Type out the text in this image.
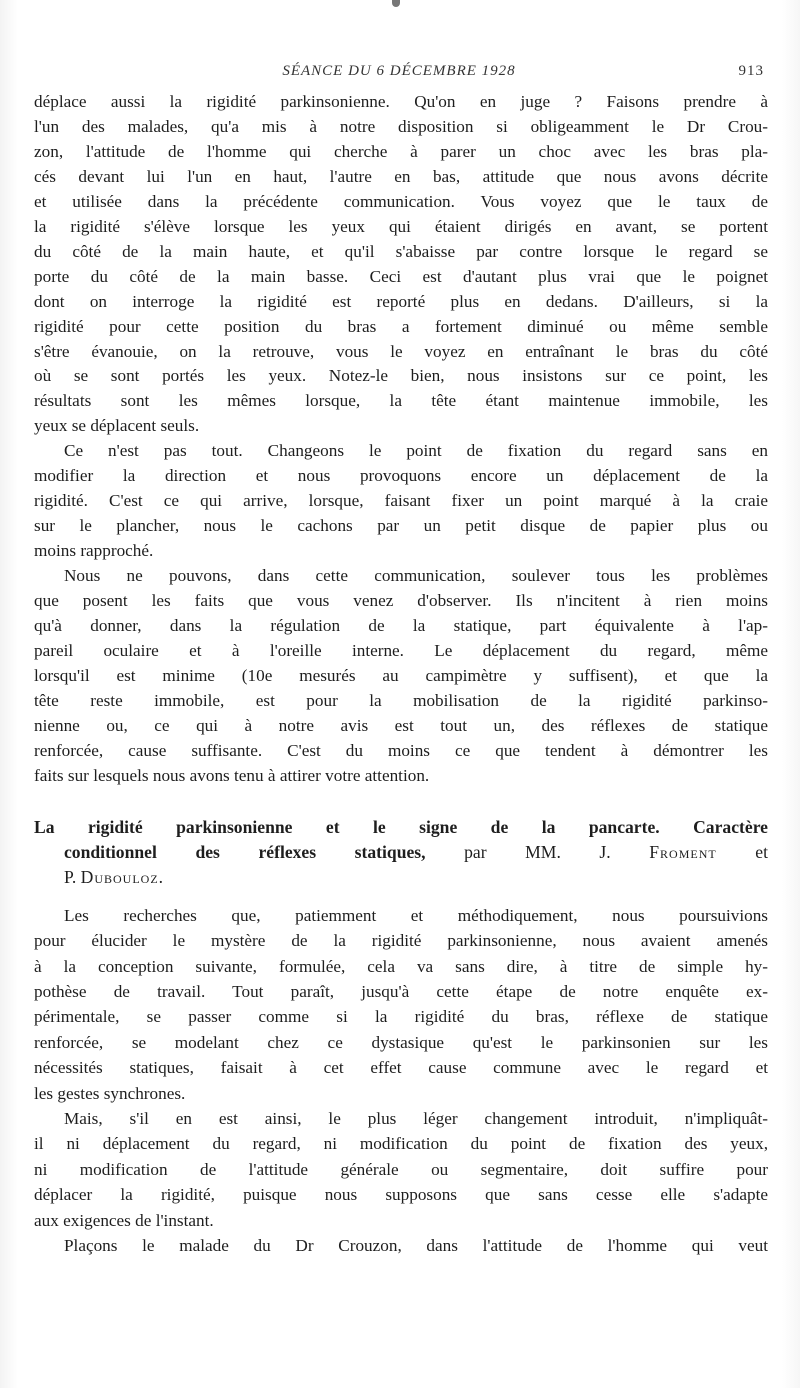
SÉANCE DU 6 DÉCEMBRE 1928	913

déplace aussi la rigidité parkinsonienne. Qu'on en juge ? Faisons prendre à
l'un des malades, qu'a mis à notre disposition si obligeamment le Dr Crou-
zon, l'attitude de l'homme qui cherche à parer un choc avec les bras pla-
cés devant lui l'un en haut, l'autre en bas, attitude que nous avons décrite
et utilisée dans la précédente communication. Vous voyez que le taux de
la rigidité s'élève lorsque les yeux qui étaient dirigés en avant, se portent
du côté de la main haute, et qu'il s'abaisse par contre lorsque le regard se
porte du côté de la main basse. Ceci est d'autant plus vrai que le poignet
dont on interroge la rigidité est reporté plus en dedans. D'ailleurs, si la
rigidité pour cette position du bras a fortement diminué ou même semble
s'être évanouie, on la retrouve, vous le voyez en entraînant le bras du côté
où se sont portés les yeux. Notez-le bien, nous insistons sur ce point, les
résultats sont les mêmes lorsque, la tête étant maintenue immobile, les
yeux se déplacent seuls.

Ce n'est pas tout. Changeons le point de fixation du regard sans en
modifier la direction et nous provoquons encore un déplacement de la
rigidité. C'est ce qui arrive, lorsque, faisant fixer un point marqué à la craie
sur le plancher, nous le cachons par un petit disque de papier plus ou
moins rapproché.

Nous ne pouvons, dans cette communication, soulever tous les problèmes
que posent les faits que vous venez d'observer. Ils n'incitent à rien moins
qu'à donner, dans la régulation de la statique, part équivalente à l'ap-
pareil oculaire et à l'oreille interne. Le déplacement du regard, même
lorsqu'il est minime (10e mesurés au campimètre y suffisent), et que la
tête reste immobile, est pour la mobilisation de la rigidité parkinso-
nienne ou, ce qui à notre avis est tout un, des réflexes de statique
renforcée, cause suffisante. C'est du moins ce que tendent à démontrer les
faits sur lesquels nous avons tenu à attirer votre attention.

La rigidité parkinsonienne et le signe de la pancarte. Caractère
conditionnel des réflexes statiques, par MM. J. Froment et
P. Dubouloz.

Les recherches que, patiemment et méthodiquement, nous poursuivions
pour élucider le mystère de la rigidité parkinsonienne, nous avaient amenés
à la conception suivante, formulée, cela va sans dire, à titre de simple hy-
pothèse de travail. Tout paraît, jusqu'à cette étape de notre enquête ex-
périmentale, se passer comme si la rigidité du bras, réflexe de statique
renforcée, se modelant chez ce dystasique qu'est le parkinsonien sur les
nécessités statiques, faisait à cet effet cause commune avec le regard et
les gestes synchrones.

Mais, s'il en est ainsi, le plus léger changement introduit, n'impliquât-
il ni déplacement du regard, ni modification du point de fixation des yeux,
ni modification de l'attitude générale ou segmentaire, doit suffire pour
déplacer la rigidité, puisque nous supposons que sans cesse elle s'adapte
aux exigences de l'instant.

Plaçons le malade du Dr Crouzon, dans l'attitude de l'homme qui veut
